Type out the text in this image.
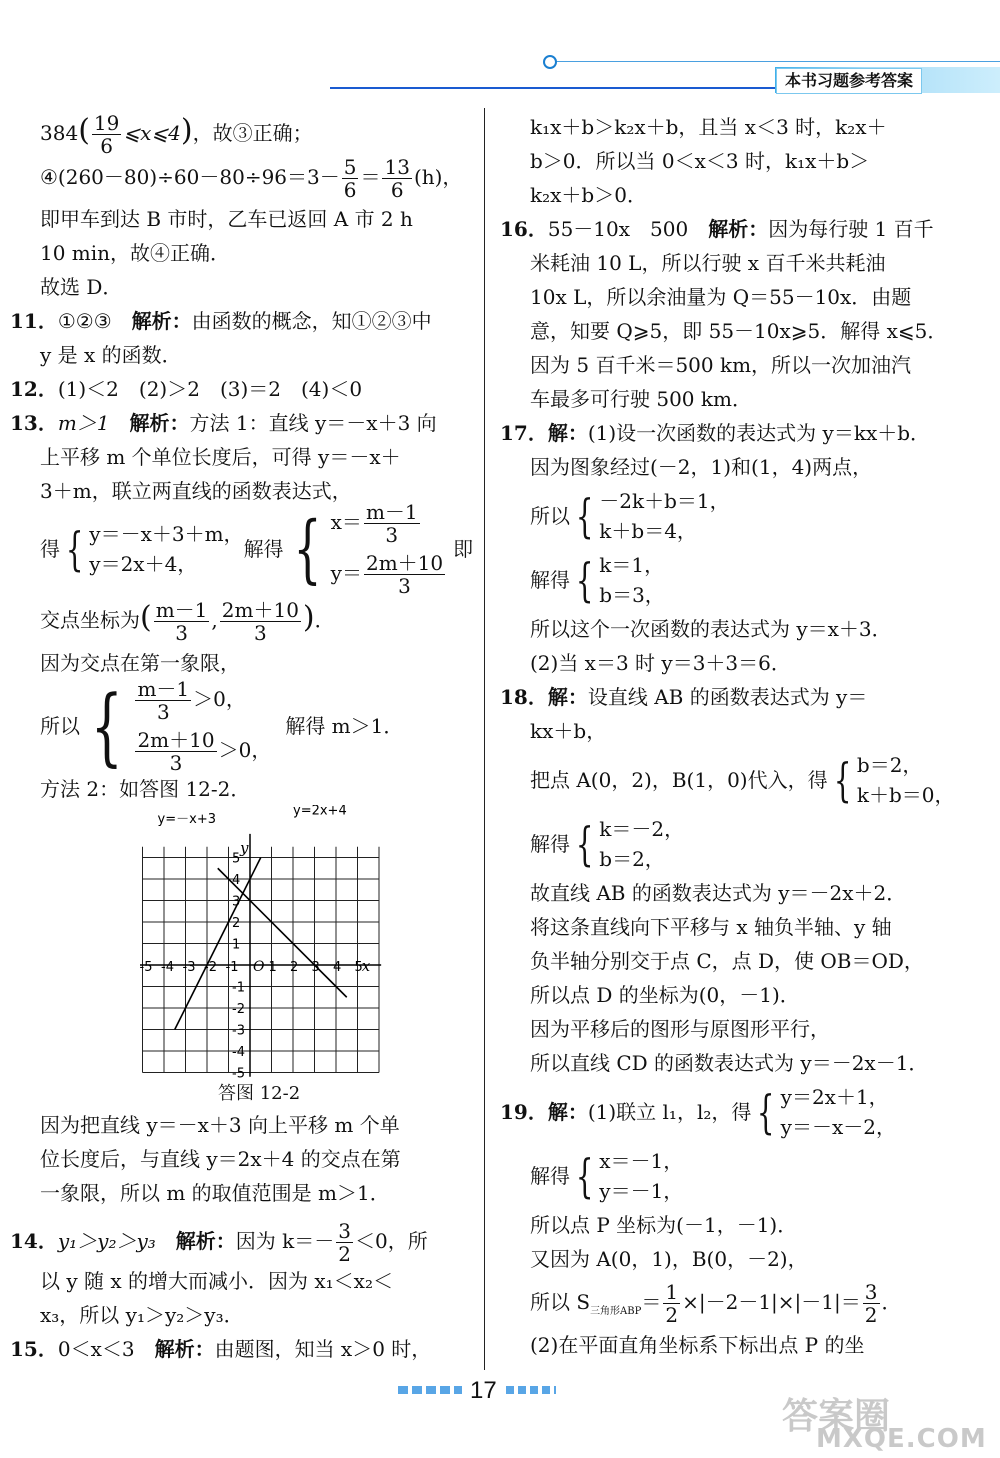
本书习题参考答案
$384( \frac{19}{6}$ ⩽x⩽4)，故③正确；
④(260－80)÷60－80÷96＝3－ $\frac{5}{6} = \frac{13}{6} (h)$，
即甲车到达 B 市时，乙车已返回 A 市 2 h
10 min，故④正确．
故选 D．
11．①②③　 解析：由函数的概念，知①②③中
y 是 x 的函数．
12．(1)＜2　(2)＞2　(3)＝2　(4)＜0
13．m＞1　 解析：方法 1：直线 y＝－x＋3 向
上平移 m 个单位长度后，可得 y＝－x＋
3＋m，联立两直线的函数表达式，
得 { y＝－x＋3＋m，
y＝2x＋4，
解得 { $x= \frac{m-1}{3}$
$y= \frac{2m+10}{3}$
即
交点坐标为( $\frac{m-1}{3}$ , $\frac{2m+10}{3}$ )．
因为交点在第一象限，
所以 { $\frac{m-1}{3} >0$，
$\frac{2m+10}{3} >0$，
解得 m＞1．
方法 2：如答图 12-2．
-5 -4 -3 -2 -1 1 2 3 4 5
5
4
3
2
1
-1
-2
-3
-4
-5
O	x
y
y=－x+3
y=2x+4
答图 12-2
因为把直线 y＝－x＋3 向上平移 m 个单
位长度后，与直线 y＝2x＋4 的交点在第
一象限，所以 m 的取值范围是 m＞1．
14．y₁＞y₂＞y₃　 解析：因为 $k=- \frac{3}{2} <0$，所
以 y 随 x 的增大而减小．因为 x₁＜x₂＜
x₃，所以 y₁＞y₂＞y₃．
15．0＜x＜3　 解析：由题图，知当 x＞0 时，
k₁x＋b＞k₂x＋b，且当 x＜3 时，k₂x＋
b＞0．所以当 0＜x＜3 时，k₁x＋b＞
k₂x＋b＞0．
16．55－10x　500　 解析：因为每行驶 1 百千
米耗油 10 L，所以行驶 x 百千米共耗油
10x L，所以余油量为 Q＝55－10x．由题
意，知要 Q⩾5，即 55－10x⩾5．解得 x⩽5．
因为 5 百千米＝500 km，所以一次加油汽
车最多可行驶 500 km．
17．解：(1)设一次函数的表达式为 y＝kx＋b．
因为图象经过(－2，1)和(1，4)两点，
所以 { －2k＋b＝1，
k＋b＝4，
解得 { k＝1，
b＝3，
所以这个一次函数的表达式为 y＝x＋3．
(2)当 x＝3 时 y＝3＋3＝6．
18．解：设直线 AB 的函数表达式为 y＝
kx＋b，
把点 A(0，2)，B(1，0)代入，得 { b＝2，
k＋b＝0，
解得 { k＝－2，
b＝2，
故直线 AB 的函数表达式为 y＝－2x＋2．
将这条直线向下平移与 x 轴负半轴、y 轴
负半轴分别交于点 C，点 D，使 OB＝OD，
所以点 D 的坐标为(0，－1)．
因为平移后的图形与原图形平行，
所以直线 CD 的函数表达式为 y＝－2x－1．
19． 解： (1)联立 l₁，l₂，得 { y＝2x＋1，
y＝－x－2，
解得 { x＝－1，
y＝－1，
所以点 P 坐标为(－1，－1)．
又因为 A(0，1)，B(0，－2)，
所以 $S_{三角形ABP}= \frac{1}{2} \times|-2-1|\times|-1|= \frac{3}{2}$ ．
(2)在平面直角坐标系下标出点 P 的坐
17
答案圈
MXQE.COM
